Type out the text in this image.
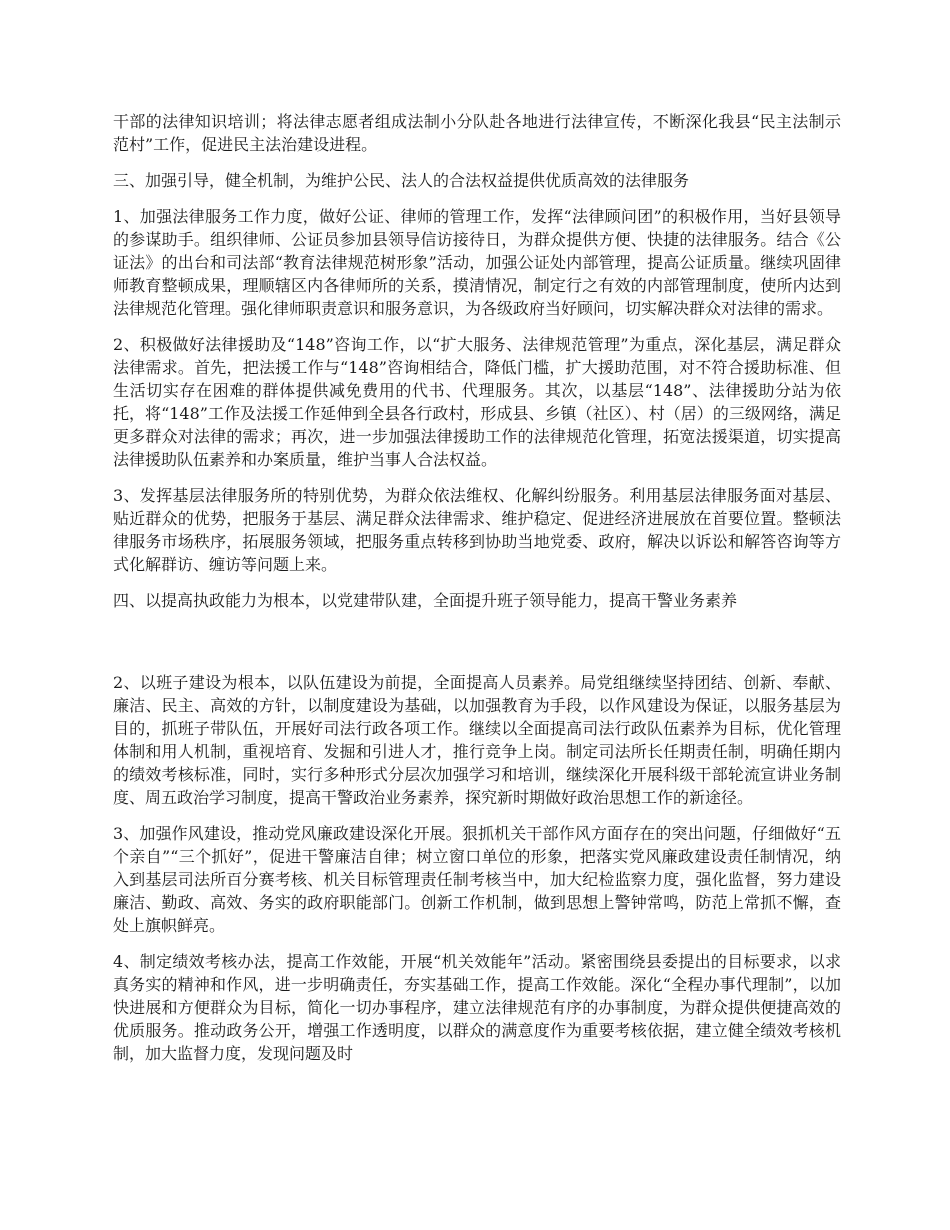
干部的法律知识培训；将法律志愿者组成法制小分队赴各地进行法律宣传，不断深化我县“民主法制示范村”工作，促进民主法治建设进程。

三、加强引导，健全机制，为维护公民、法人的合法权益提供优质高效的法律服务

1、加强法律服务工作力度，做好公证、律师的管理工作，发挥“法律顾问团”的积极作用，当好县领导的参谋助手。组织律师、公证员参加县领导信访接待日，为群众提供方便、快捷的法律服务。结合《公证法》的出台和司法部“教育法律规范树形象”活动，加强公证处内部管理，提高公证质量。继续巩固律师教育整顿成果，理顺辖区内各律师所的关系，摸清情况，制定行之有效的内部管理制度，使所内达到法律规范化管理。强化律师职责意识和服务意识，为各级政府当好顾问，切实解决群众对法律的需求。

2、积极做好法律援助及“148”咨询工作，以“扩大服务、法律规范管理”为重点，深化基层，满足群众法律需求。首先，把法援工作与“148”咨询相结合，降低门槛，扩大援助范围，对不符合援助标准、但生活切实存在困难的群体提供减免费用的代书、代理服务。其次，以基层“148”、法律援助分站为依托，将“148”工作及法援工作延伸到全县各行政村，形成县、乡镇（社区）、村（居）的三级网络，满足更多群众对法律的需求；再次，进一步加强法律援助工作的法律规范化管理，拓宽法援渠道，切实提高法律援助队伍素养和办案质量，维护当事人合法权益。

3、发挥基层法律服务所的特别优势，为群众依法维权、化解纠纷服务。利用基层法律服务面对基层、贴近群众的优势，把服务于基层、满足群众法律需求、维护稳定、促进经济进展放在首要位置。整顿法律服务市场秩序，拓展服务领域，把服务重点转移到协助当地党委、政府，解决以诉讼和解答咨询等方式化解群访、缠访等问题上来。

四、以提高执政能力为根本，以党建带队建，全面提升班子领导能力，提高干警业务素养

2、以班子建设为根本，以队伍建设为前提，全面提高人员素养。局党组继续坚持团结、创新、奉献、廉洁、民主、高效的方针，以制度建设为基础，以加强教育为手段，以作风建设为保证，以服务基层为目的，抓班子带队伍，开展好司法行政各项工作。继续以全面提高司法行政队伍素养为目标，优化管理体制和用人机制，重视培育、发掘和引进人才，推行竞争上岗。制定司法所长任期责任制，明确任期内的绩效考核标准，同时，实行多种形式分层次加强学习和培训，继续深化开展科级干部轮流宣讲业务制度、周五政治学习制度，提高干警政治业务素养，探究新时期做好政治思想工作的新途径。

3、加强作风建设，推动党风廉政建设深化开展。狠抓机关干部作风方面存在的突出问题，仔细做好“五个亲自”“三个抓好”，促进干警廉洁自律；树立窗口单位的形象，把落实党风廉政建设责任制情况，纳入到基层司法所百分赛考核、机关目标管理责任制考核当中，加大纪检监察力度，强化监督，努力建设廉洁、勤政、高效、务实的政府职能部门。创新工作机制，做到思想上警钟常鸣，防范上常抓不懈，查处上旗帜鲜亮。

4、制定绩效考核办法，提高工作效能，开展“机关效能年”活动。紧密围绕县委提出的目标要求，以求真务实的精神和作风，进一步明确责任，夯实基础工作，提高工作效能。深化“全程办事代理制”，以加快进展和方便群众为目标，简化一切办事程序，建立法律规范有序的办事制度，为群众提供便捷高效的优质服务。推动政务公开，增强工作透明度，以群众的满意度作为重要考核依据，建立健全绩效考核机制，加大监督力度，发现问题及时
